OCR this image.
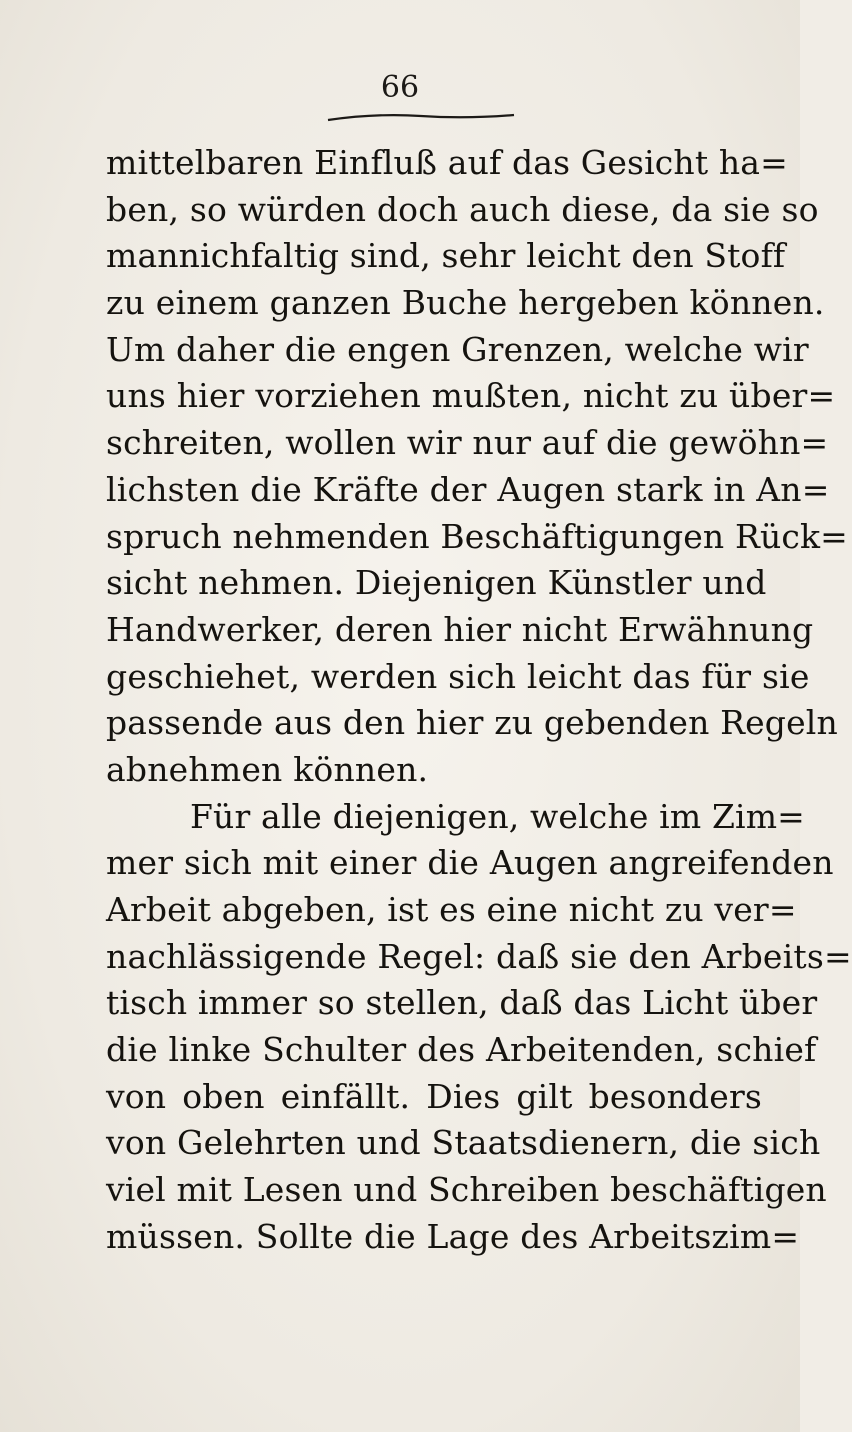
66
mittelbaren Einfluß auf das Gesicht ha=
ben, so würden doch auch diese, da sie so
mannichfaltig sind, sehr leicht den Stoff
zu einem ganzen Buche hergeben können.
Um daher die engen Grenzen, welche wir
uns hier vorziehen mußten, nicht zu über=
schreiten, wollen wir nur auf die gewöhn=
lichsten die Kräfte der Augen stark in An=
spruch nehmenden Beschäftigungen Rück=
sicht nehmen. Diejenigen Künstler und
Handwerker, deren hier nicht Erwähnung
geschiehet, werden sich leicht das für sie
passende aus den hier zu gebenden Regeln
abnehmen können.
Für alle diejenigen, welche im Zim=
mer sich mit einer die Augen angreifenden
Arbeit abgeben, ist es eine nicht zu ver=
nachlässigende Regel: daß sie den Arbeits=
tisch immer so stellen, daß das Licht über
die linke Schulter des Arbeitenden, schief
von oben einfällt. Dies gilt besonders
von Gelehrten und Staatsdienern, die sich
viel mit Lesen und Schreiben beschäftigen
müssen. Sollte die Lage des Arbeitszim=
